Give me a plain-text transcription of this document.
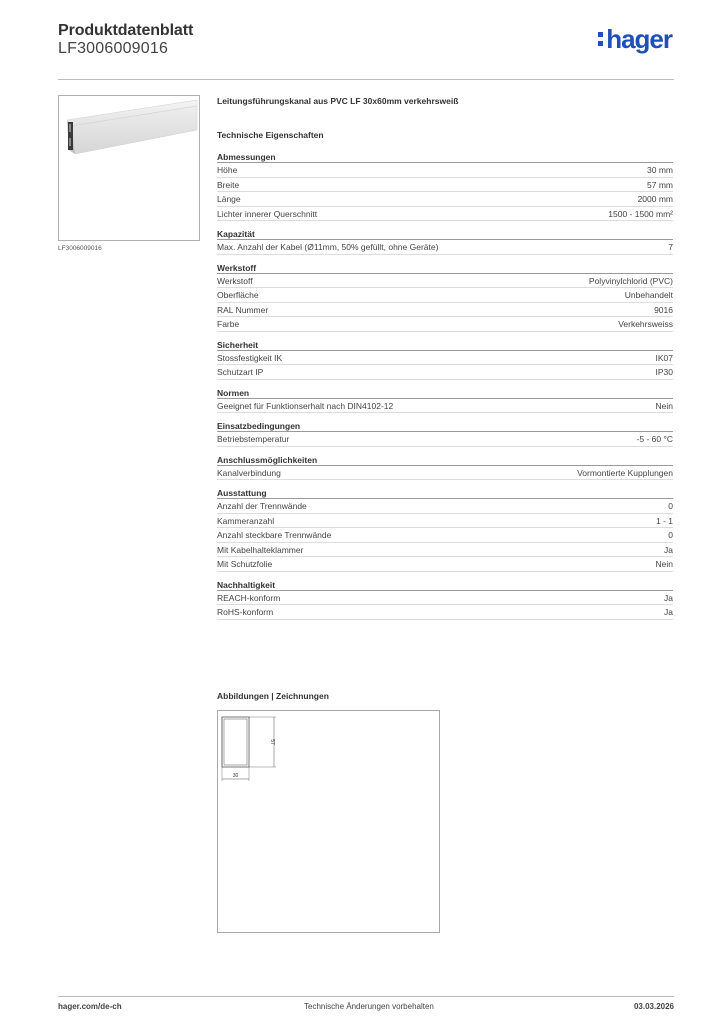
Produktdatenblatt
LF3006009016	hager
LF3006009016
Leitungsführungskanal aus PVC LF 30x60mm verkehrsweiß
Technische Eigenschaften
Abmessungen
Höhe	30 mm
Breite	57 mm
Länge	2000 mm
Lichter innerer Querschnitt	1500 - 1500 mm²
Kapazität
Max. Anzahl der Kabel (Ø11mm, 50% gefüllt, ohne Geräte)	7
Werkstoff
Werkstoff	Polyvinylchlorid (PVC)
Oberfläche	Unbehandelt
RAL Nummer	9016
Farbe	Verkehrsweiss
Sicherheit
Stossfestigkeit IK	IK07
Schutzart IP	IP30
Normen
Geeignet für Funktionserhalt nach DIN4102-12	Nein
Einsatzbedingungen
Betriebstemperatur	-5 - 60 °C
Anschlussmöglichkeiten
Kanalverbindung	Vormontierte Kupplungen
Ausstattung
Anzahl der Trennwände	0
Kammeranzahl	1 - 1
Anzahl steckbare Trennwände	0
Mit Kabelhalteklammer	Ja
Mit Schutzfolie	Nein
Nachhaltigkeit
REACH-konform	Ja
RoHS-konform	Ja
Abbildungen | Zeichnungen
57
30
hager.com/de-ch	Technische Änderungen vorbehalten	03.03.2026
